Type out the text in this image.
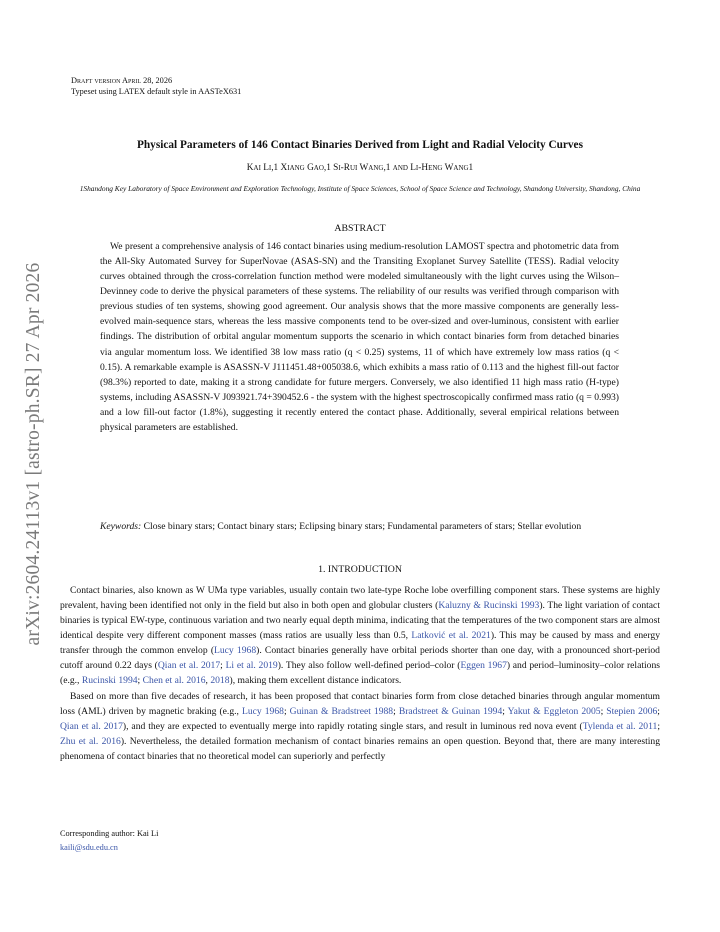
arXiv:2604.24113v1 [astro-ph.SR] 27 Apr 2026
Draft version April 28, 2026
Typeset using LATEX default style in AASTeX631
Physical Parameters of 146 Contact Binaries Derived from Light and Radial Velocity Curves
Kai Li,1 Xiang Gao,1 Si-Rui Wang,1 and Li-Heng Wang1
1Shandong Key Laboratory of Space Environment and Exploration Technology, Institute of Space Sciences, School of Space Science and Technology, Shandong University, Shandong, China
ABSTRACT

We present a comprehensive analysis of 146 contact binaries using medium-resolution LAMOST spectra and photometric data from the All-Sky Automated Survey for SuperNovae (ASAS-SN) and the Transiting Exoplanet Survey Satellite (TESS). Radial velocity curves obtained through the cross-correlation function method were modeled simultaneously with the light curves using the Wilson–Devinney code to derive the physical parameters of these systems. The reliability of our results was verified through comparison with previous studies of ten systems, showing good agreement. Our analysis shows that the more massive components are generally less-evolved main-sequence stars, whereas the less massive components tend to be over-sized and over-luminous, consistent with earlier findings. The distribution of orbital angular momentum supports the scenario in which contact binaries form from detached binaries via angular momentum loss. We identified 38 low mass ratio (q < 0.25) systems, 11 of which have extremely low mass ratios (q < 0.15). A remarkable example is ASASSN-V J111451.48+005038.6, which exhibits a mass ratio of 0.113 and the highest fill-out factor (98.3%) reported to date, making it a strong candidate for future mergers. Conversely, we also identified 11 high mass ratio (H-type) systems, including ASASSN-V J093921.74+390452.6 - the system with the highest spectroscopically confirmed mass ratio (q = 0.993) and a low fill-out factor (1.8%), suggesting it recently entered the contact phase. Additionally, several empirical relations between physical parameters are established.

Keywords: Close binary stars; Contact binary stars; Eclipsing binary stars; Fundamental parameters of stars; Stellar evolution

1. INTRODUCTION

Contact binaries, also known as W UMa type variables, usually contain two late-type Roche lobe overfilling component stars. These systems are highly prevalent, having been identified not only in the field but also in both open and globular clusters (Kaluzny & Rucinski 1993). The light variation of contact binaries is typical EW-type, continuous variation and two nearly equal depth minima, indicating that the temperatures of the two component stars are almost identical despite very different component masses (mass ratios are usually less than 0.5, Latković et al. 2021). This may be caused by mass and energy transfer through the common envelop (Lucy 1968). Contact binaries generally have orbital periods shorter than one day, with a pronounced short-period cutoff around 0.22 days (Qian et al. 2017; Li et al. 2019). They also follow well-defined period–color (Eggen 1967) and period–luminosity–color relations (e.g., Rucinski 1994; Chen et al. 2016, 2018), making them excellent distance indicators.

Based on more than five decades of research, it has been proposed that contact binaries form from close detached binaries through angular momentum loss (AML) driven by magnetic braking (e.g., Lucy 1968; Guinan & Bradstreet 1988; Bradstreet & Guinan 1994; Yakut & Eggleton 2005; Stepien 2006; Qian et al. 2017), and they are expected to eventually merge into rapidly rotating single stars, and result in luminous red nova event (Tylenda et al. 2011; Zhu et al. 2016). Nevertheless, the detailed formation mechanism of contact binaries remains an open question. Beyond that, there are many interesting phenomena of contact binaries that no theoretical model can superiorly and perfectly

Corresponding author: Kai Li
kaili@sdu.edu.cn
